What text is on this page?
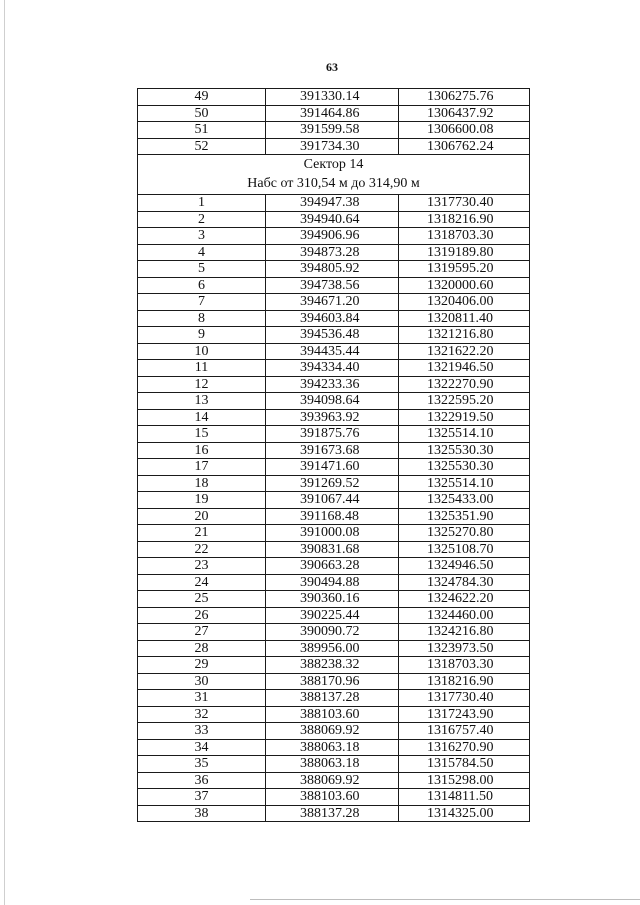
63
49	391330.14	1306275.76
50	391464.86	1306437.92
51	391599.58	1306600.08
52	391734.30	1306762.24
Сектор 14		
Набс от 310,54 м до 314,90 м		
1	394947.38	1317730.40
2	394940.64	1318216.90
3	394906.96	1318703.30
4	394873.28	1319189.80
5	394805.92	1319595.20
6	394738.56	1320000.60
7	394671.20	1320406.00
8	394603.84	1320811.40
9	394536.48	1321216.80
10	394435.44	1321622.20
11	394334.40	1321946.50
12	394233.36	1322270.90
13	394098.64	1322595.20
14	393963.92	1322919.50
15	391875.76	1325514.10
16	391673.68	1325530.30
17	391471.60	1325530.30
18	391269.52	1325514.10
19	391067.44	1325433.00
20	391168.48	1325351.90
21	391000.08	1325270.80
22	390831.68	1325108.70
23	390663.28	1324946.50
24	390494.88	1324784.30
25	390360.16	1324622.20
26	390225.44	1324460.00
27	390090.72	1324216.80
28	389956.00	1323973.50
29	388238.32	1318703.30
30	388170.96	1318216.90
31	388137.28	1317730.40
32	388103.60	1317243.90
33	388069.92	1316757.40
34	388063.18	1316270.90
35	388063.18	1315784.50
36	388069.92	1315298.00
37	388103.60	1314811.50
38	388137.28	1314325.00
